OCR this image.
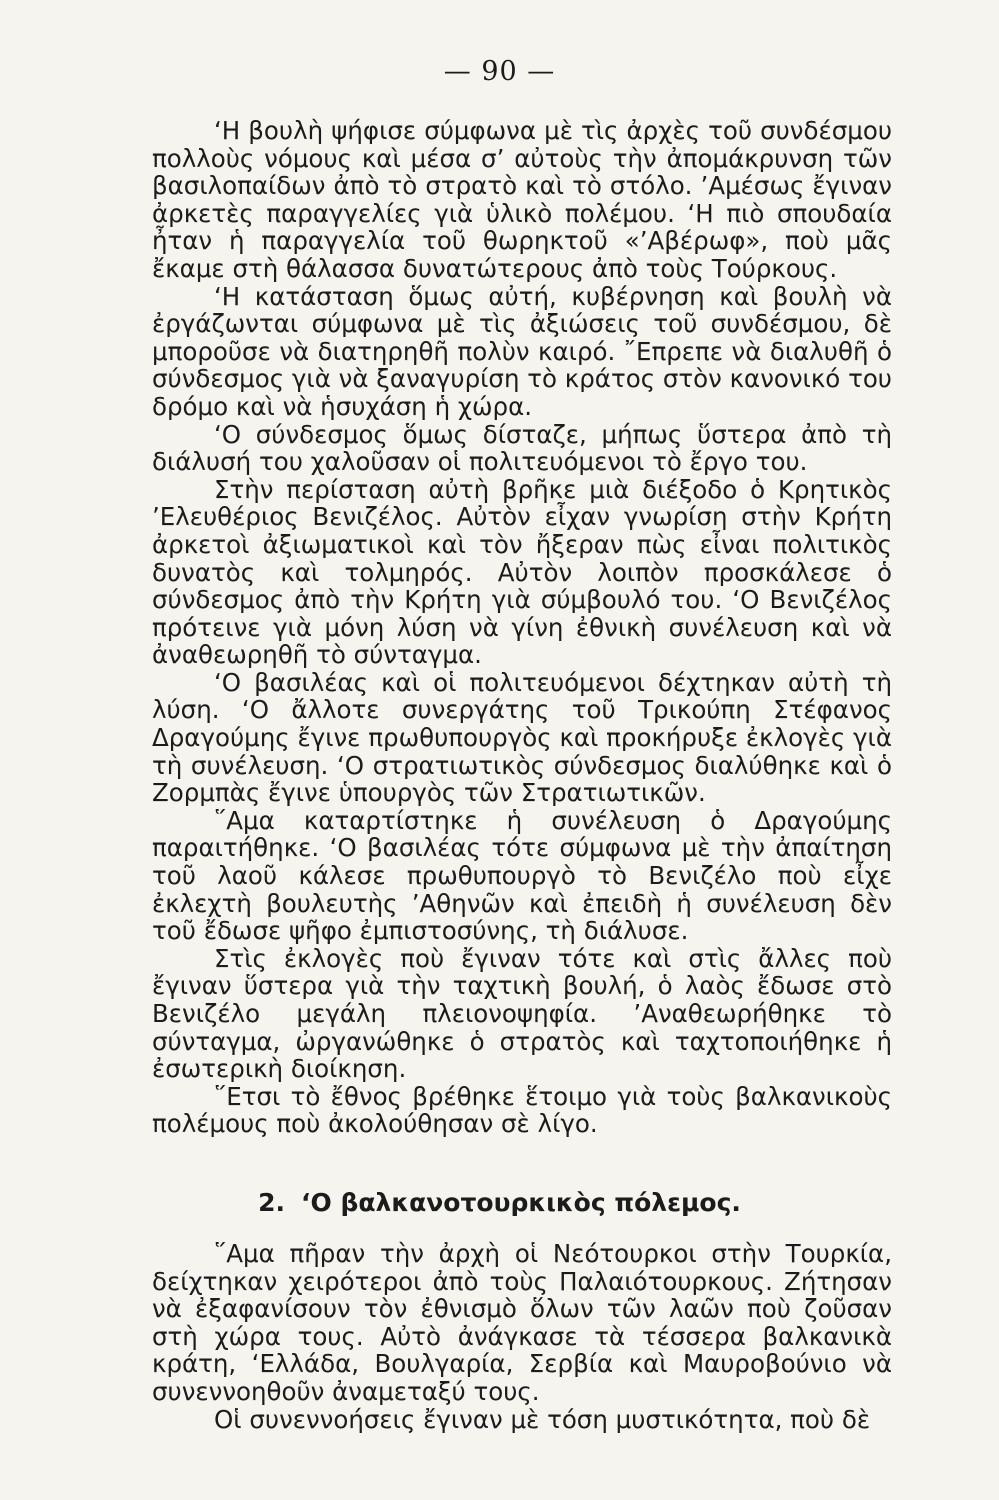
— 90 —

‘Η βουλὴ ψήφισε σύμφωνα μὲ τὶς ἀρχὲς τοῦ συνδέσμου πολλοὺς νόμους καὶ μέσα σ’ αὐτοὺς τὴν ἀπομάκρυνση τῶν βασιλοπαίδων ἀπὸ τὸ στρατὸ καὶ τὸ στόλο. ’Αμέσως ἔγιναν ἀρκετὲς παραγγελίες γιὰ ὑλικὸ πολέμου. ‘Η πιὸ σπουδαία ἦταν ἡ παραγγελία τοῦ θωρηκτοῦ «’Αβέρωφ», ποὺ μᾶς ἔκαμε στὴ θάλασσα δυνατώτερους ἀπὸ τοὺς Τούρκους.

‘Η κατάσταση ὅμως αὐτή, κυβέρνηση καὶ βουλὴ νὰ ἐργάζωνται σύμφωνα μὲ τὶς ἀξιώσεις τοῦ συνδέσμου, δὲ μποροῦσε νὰ διατηρηθῆ πολὺν καιρό. ῎Επρεπε νὰ διαλυθῆ ὁ σύνδεσμος γιὰ νὰ ξαναγυρίση τὸ κράτος στὸν κανονικό του δρόμο καὶ νὰ ἡσυχάση ἡ χώρα.

‘Ο σύνδεσμος ὅμως δίσταζε, μήπως ὕστερα ἀπὸ τὴ διάλυσή του χαλοῦσαν οἱ πολιτευόμενοι τὸ ἔργο του.

Στὴν περίσταση αὐτὴ βρῆκε μιὰ διέξοδο ὁ Κρητικὸς ’Ελευθέριος Βενιζέλος. Αὐτὸν εἶχαν γνωρίση στὴν Κρήτη ἀρκετοὶ ἀξιωματικοὶ καὶ τὸν ἤξεραν πὼς εἶναι πολιτικὸς δυνατὸς καὶ τολμηρός. Αὐτὸν λοιπὸν προσκάλεσε ὁ σύνδεσμος ἀπὸ τὴν Κρήτη γιὰ σύμβουλό του. ‘Ο Βενιζέλος πρότεινε γιὰ μόνη λύση νὰ γίνη ἐθνικὴ συνέλευση καὶ νὰ ἀναθεωρηθῆ τὸ σύνταγμα.

‘Ο βασιλέας καὶ οἱ πολιτευόμενοι δέχτηκαν αὐτὴ τὴ λύση. ‘Ο ἄλλοτε συνεργάτης τοῦ Τρικούπη Στέφανος Δραγούμης ἔγινε πρωθυπουργὸς καὶ προκήρυξε ἐκλογὲς γιὰ τὴ συνέλευση. ‘Ο στρατιωτικὸς σύνδεσμος διαλύθηκε καὶ ὁ Ζορμπὰς ἔγινε ὑπουργὸς τῶν Στρατιωτικῶν.

῞Αμα καταρτίστηκε ἡ συνέλευση ὁ Δραγούμης παραιτήθηκε. ‘Ο βασιλέας τότε σύμφωνα μὲ τὴν ἀπαίτηση τοῦ λαοῦ κάλεσε πρωθυπουργὸ τὸ Βενιζέλο ποὺ εἶχε ἐκλεχτὴ βουλευτὴς ’Αθηνῶν καὶ ἐπειδὴ ἡ συνέλευση δὲν τοῦ ἔδωσε ψῆφο ἐμπιστοσύνης, τὴ διάλυσε.

Στὶς ἐκλογὲς ποὺ ἔγιναν τότε καὶ στὶς ἄλλες ποὺ ἔγιναν ὕστερα γιὰ τὴν ταχτικὴ βουλή, ὁ λαὸς ἔδωσε στὸ Βενιζέλο μεγάλη πλειονοψηφία. ’Αναθεωρήθηκε τὸ σύνταγμα, ὠργανώθηκε ὁ στρατὸς καὶ ταχτοποιήθηκε ἡ ἐσωτερικὴ διοίκηση.

῞Ετσι τὸ ἔθνος βρέθηκε ἕτοιμο γιὰ τοὺς βαλκανικοὺς πολέμους ποὺ ἀκολούθησαν σὲ λίγο.

2. ‘Ο βαλκανοτουρκικὸς πόλεμος.

῞Αμα πῆραν τὴν ἀρχὴ οἱ Νεότουρκοι στὴν Τουρκία, δείχτηκαν χειρότεροι ἀπὸ τοὺς Παλαιότουρκους. Ζήτησαν νὰ ἐξαφανίσουν τὸν ἐθνισμὸ ὅλων τῶν λαῶν ποὺ ζοῦσαν στὴ χώρα τους. Αὐτὸ ἀνάγκασε τὰ τέσσερα βαλκανικὰ κράτη, ‘Ελλάδα, Βουλγαρία, Σερβία καὶ Μαυροβούνιο νὰ συνεννοηθοῦν ἀναμεταξύ τους.

Οἱ συνεννοήσεις ἔγιναν μὲ τόση μυστικότητα, ποὺ δὲ
